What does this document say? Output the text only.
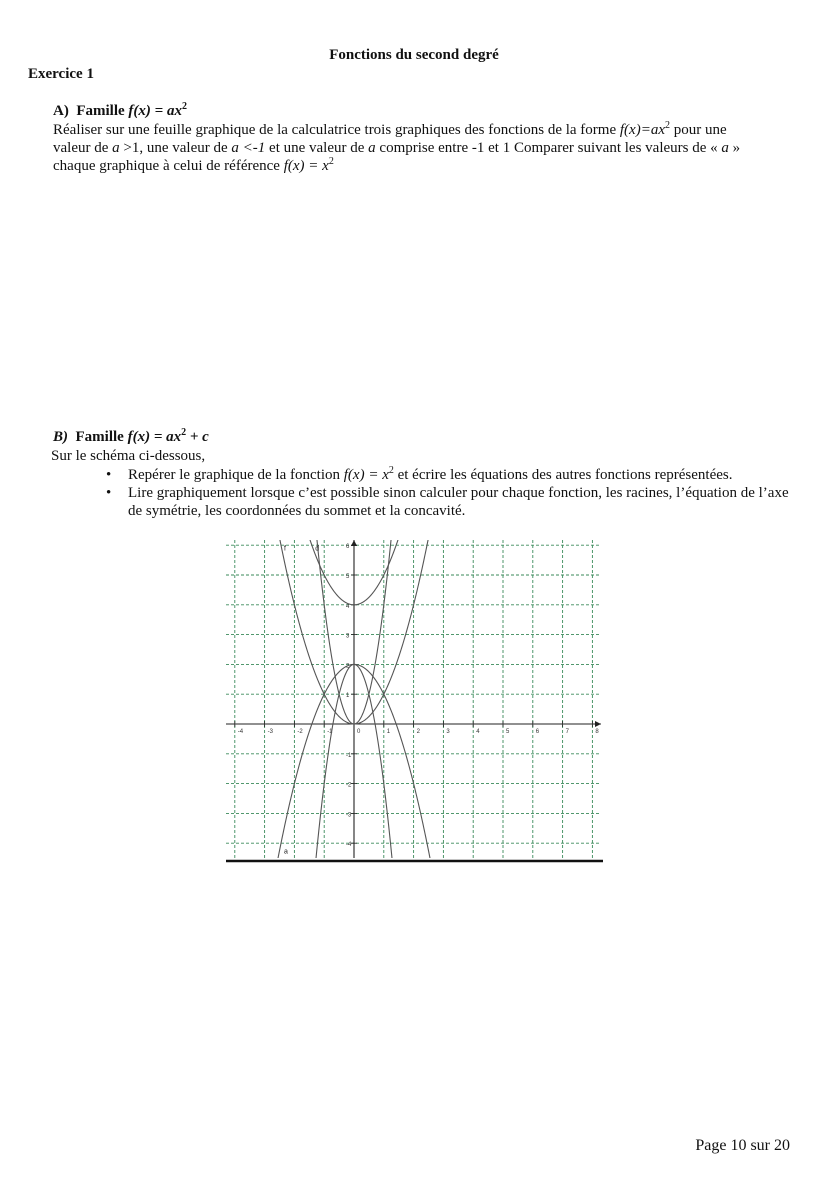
Fonctions du second degré
Exercice 1
A) Famille $f(x) = ax^2$
Réaliser sur une feuille graphique de la calculatrice trois graphiques des fonctions de la forme $f(x)=ax^2$ pour une
valeur de a >1, une valeur de a <-1 et une valeur de a comprise entre -1 et 1 Comparer suivant les valeurs de « a »
chaque graphique à celui de référence $f(x) = x^2$
B) Famille $f(x) = ax^2 + c$
Sur le schéma ci-dessous,
• Repérer le graphique de la fonction $f(x) = x^2$ et écrire les équations des autres fonctions représentées.
• Lire graphiquement lorsque c’est possible sinon calculer pour chaque fonction, les racines, l’équation de l’axe de symétrie, les coordonnées du sommet et la concavité.
-4	-3	-2	-1	0	1	2	3	4	5	6	7	8
6
5
4
3
2
1
-1
-2
-3
-4
f	d
a
Page 10 sur 20
